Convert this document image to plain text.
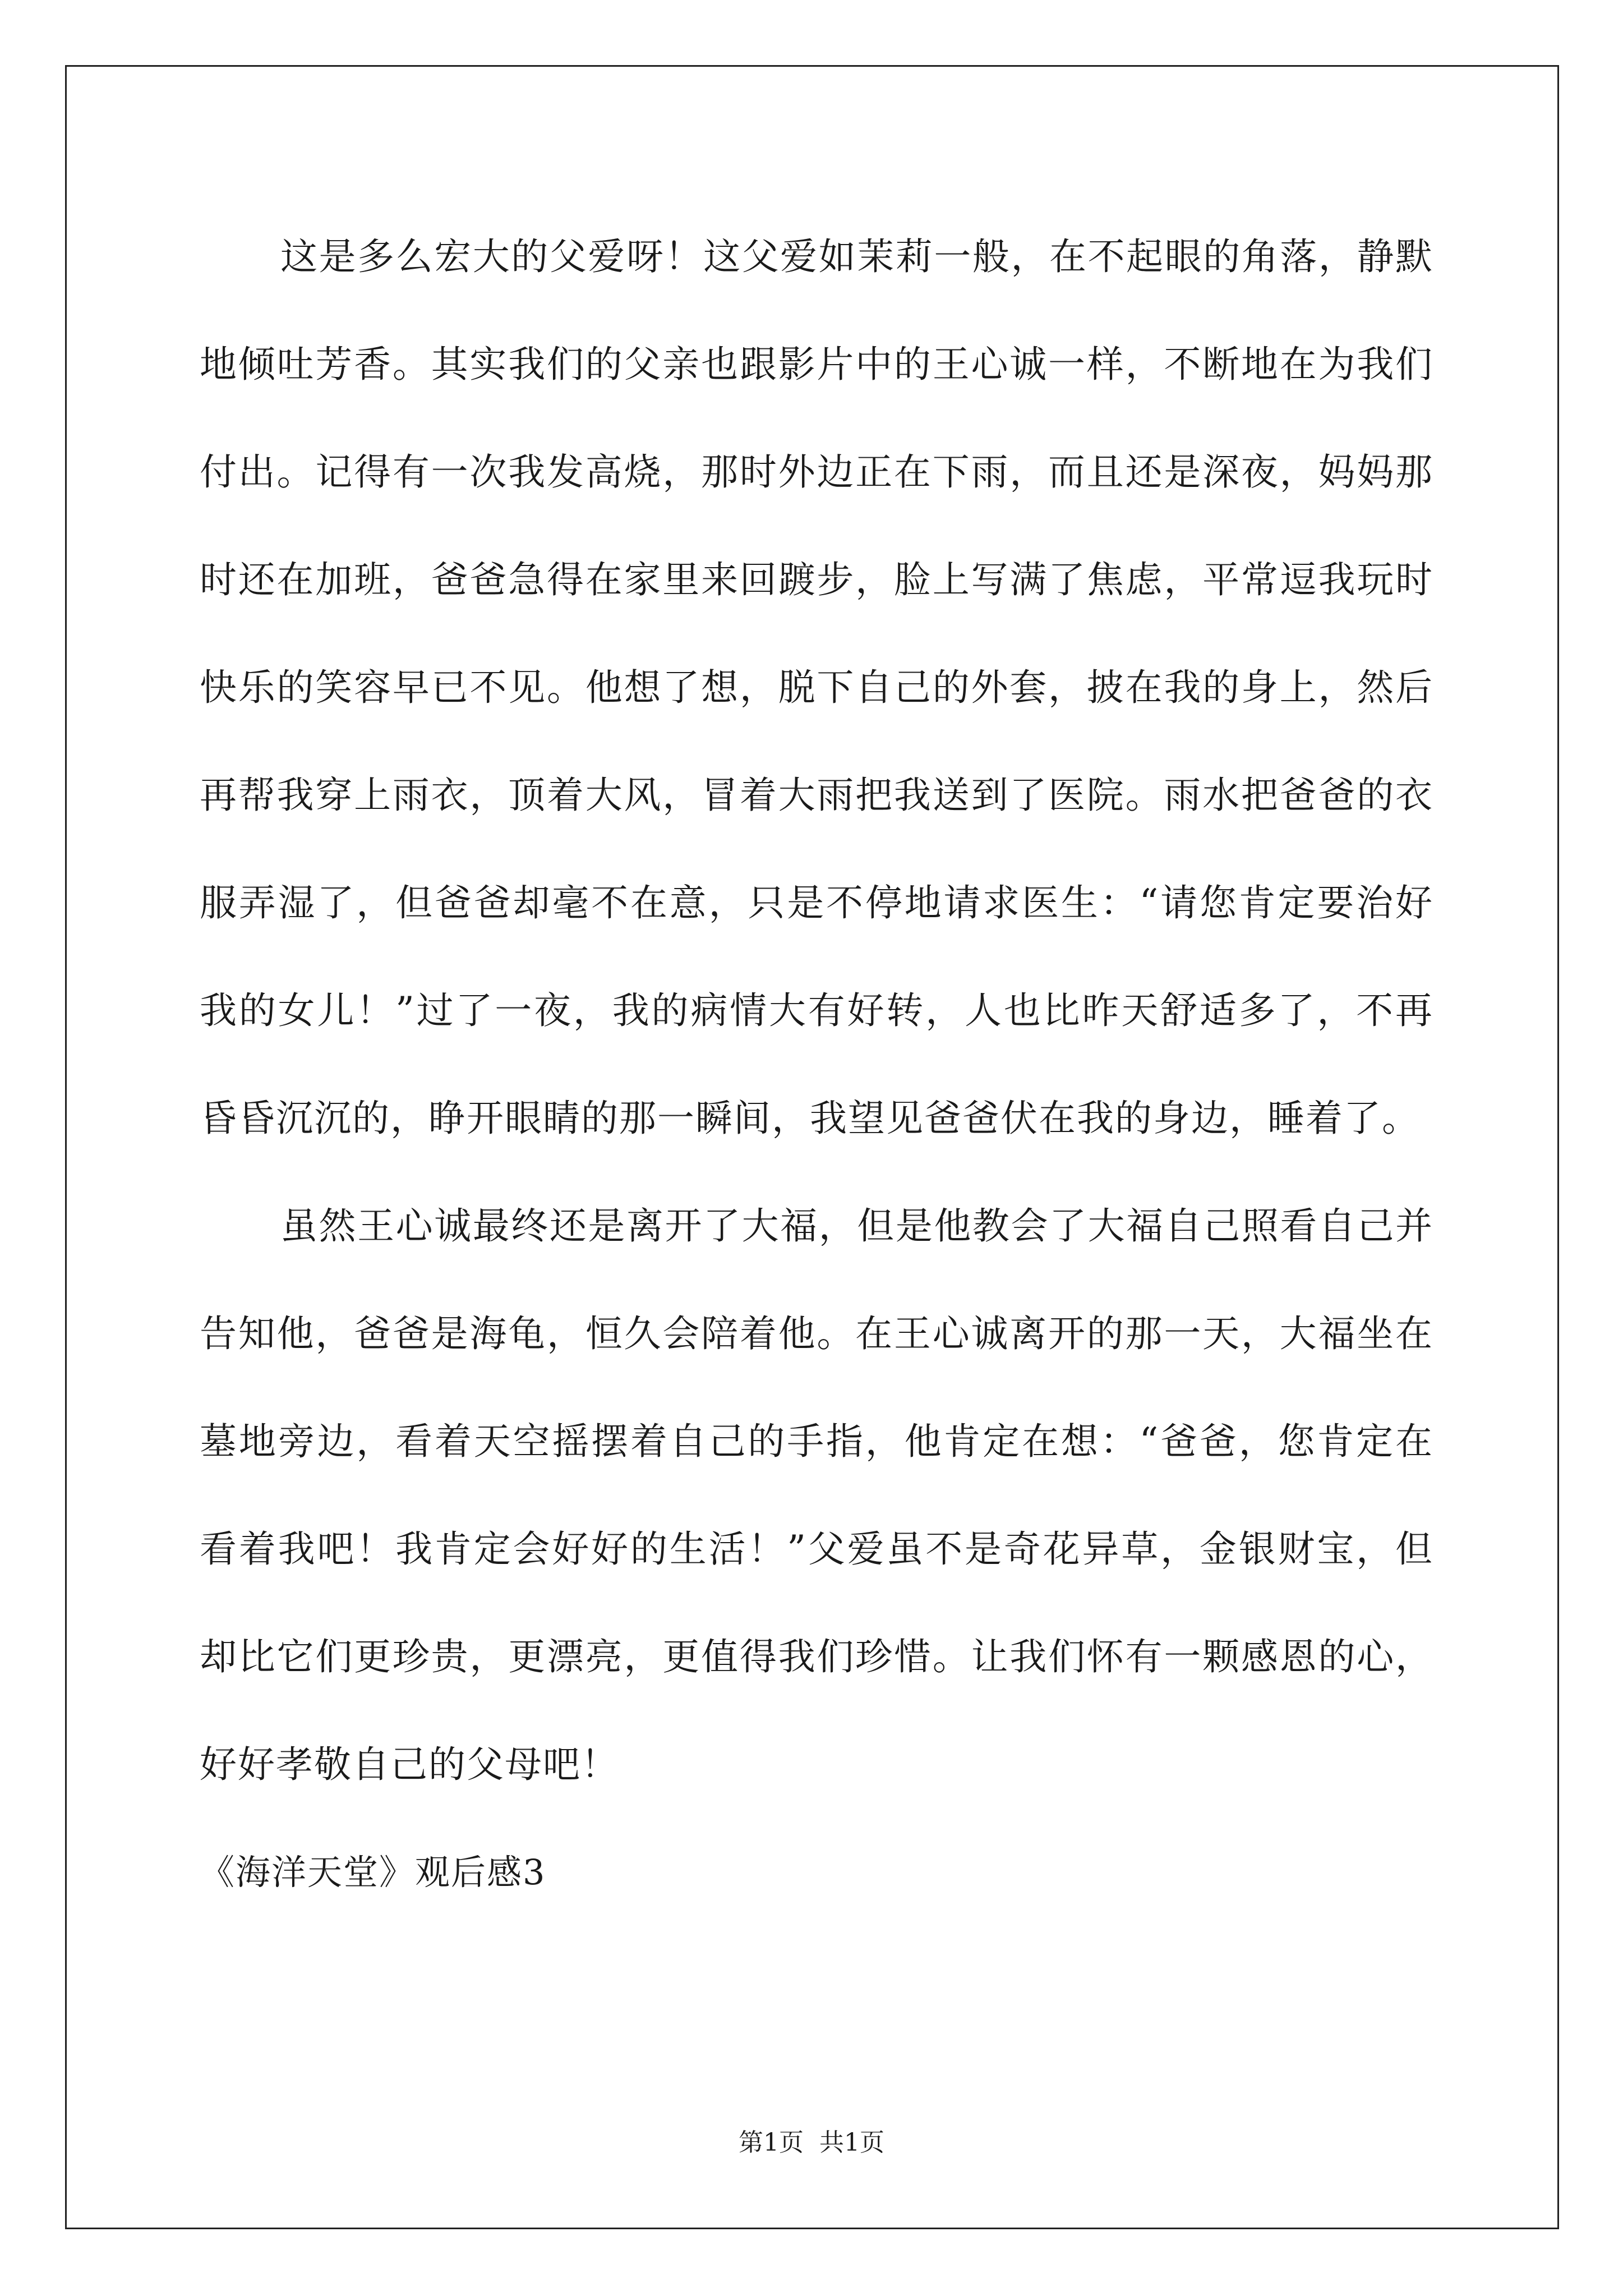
这是多么宏大的父爱呀！这父爱如茉莉一般，在不起眼的角落，静默地倾吐芳香。其实我们的父亲也跟影片中的王心诚一样，不断地在为我们付出。记得有一次我发高烧，那时外边正在下雨，而且还是深夜，妈妈那时还在加班，爸爸急得在家里来回踱步，脸上写满了焦虑，平常逗我玩时快乐的笑容早已不见。他想了想，脱下自己的外套，披在我的身上，然后再帮我穿上雨衣，顶着大风，冒着大雨把我送到了医院。雨水把爸爸的衣服弄湿了，但爸爸却毫不在意，只是不停地请求医生：“请您肯定要治好我的女儿！”过了一夜，我的病情大有好转，人也比昨天舒适多了，不再昏昏沉沉的，睁开眼睛的那一瞬间，我望见爸爸伏在我的身边，睡着了。

虽然王心诚最终还是离开了大福，但是他教会了大福自己照看自己并告知他，爸爸是海龟，恒久会陪着他。在王心诚离开的那一天，大福坐在墓地旁边，看着天空摇摆着自己的手指，他肯定在想：“爸爸，您肯定在看着我吧！我肯定会好好的生活！”父爱虽不是奇花异草，金银财宝，但却比它们更珍贵，更漂亮，更值得我们珍惜。让我们怀有一颗感恩的心，好好孝敬自己的父母吧！

《海洋天堂》观后感3

第1页 共1页
